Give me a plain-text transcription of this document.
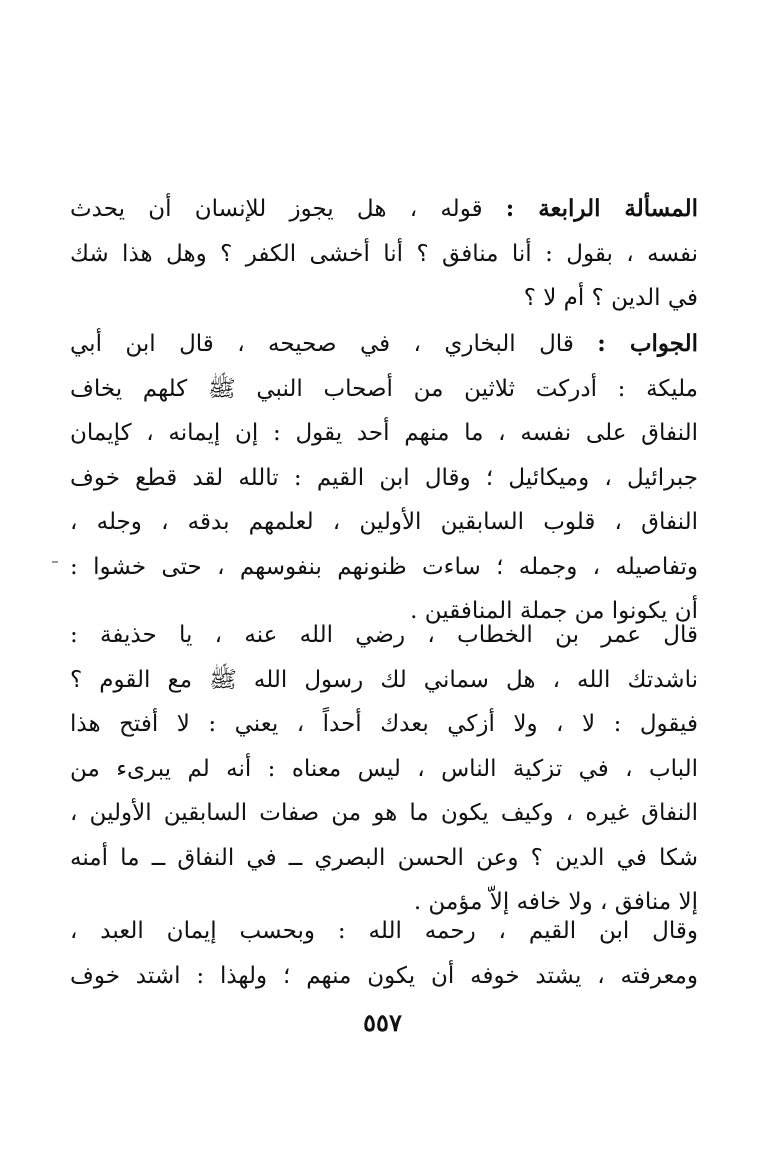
المسألة الرابعة : قوله ، هل يجوز للإنسان أن يحدث
نفسه ، بقول : أنا منافق ؟ أنا أخشى الكفر ؟ وهل هذا شك
في الدين ؟ أم لا ؟
الجواب : قال البخاري ، في صحيحه ، قال ابن أبي
مليكة : أدركت ثلاثين من أصحاب النبي ﷺ كلهم يخاف
النفاق على نفسه ، ما منهم أحد يقول : إن إيمانه ، كإيمان
جبرائيل ، وميكائيل ؛ وقال ابن القيم : تالله لقد قطع خوف
النفاق ، قلوب السابقين الأولين ، لعلمهم بدقه ، وجله ،
وتفاصيله ، وجمله ؛ ساءت ظنونهم بنفوسهم ، حتى خشوا :
أن يكونوا من جملة المنافقين .
قال عمر بن الخطاب ، رضي الله عنه ، يا حذيفة :
ناشدتك الله ، هل سماني لك رسول الله ﷺ مع القوم ؟
فيقول : لا ، ولا أزكي بعدك أحداً ، يعني : لا أفتح هذا
الباب ، في تزكية الناس ، ليس معناه : أنه لم يبرىء من
النفاق غيره ، وكيف يكون ما هو من صفات السابقين الأولين ،
شكا في الدين ؟ وعن الحسن البصري ــ في النفاق ــ ما أمنه
إلا منافق ، ولا خافه إلاّ مؤمن .
وقال ابن القيم ، رحمه الله : وبحسب إيمان العبد ،
ومعرفته ، يشتد خوفه أن يكون منهم ؛ ولهذا : اشتد خوف
٥٥٧
